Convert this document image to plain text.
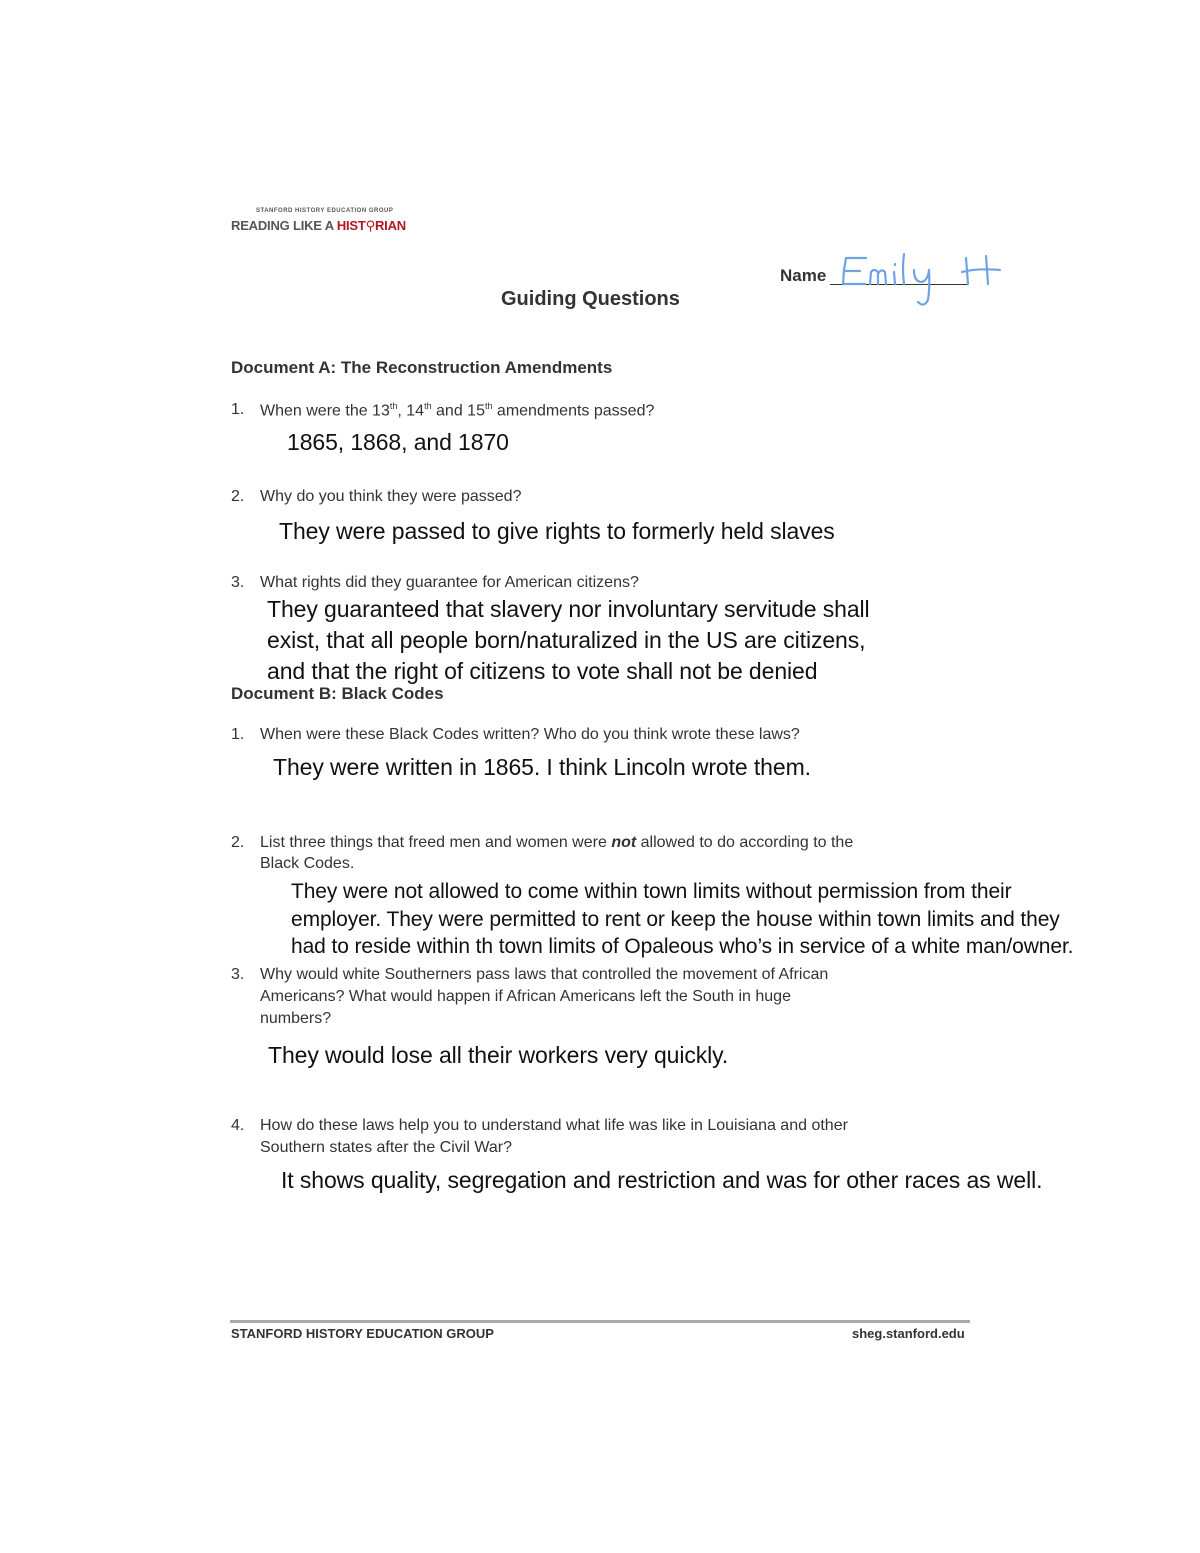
STANFORD HISTORY EDUCATION GROUP
READING LIKE A HIST⚲RIAN
Guiding Questions
Name
Document A: The Reconstruction Amendments
1. When were the 13th, 14th and 15th amendments passed?
1865, 1868, and 1870
2. Why do you think they were passed?
They were passed to give rights to formerly held slaves
3. What rights did they guarantee for American citizens?
They guaranteed that slavery nor involuntary servitude shall
exist, that all people born/naturalized in the US are citizens,
and that the right of citizens to vote shall not be denied
Document B: Black Codes
1. When were these Black Codes written? Who do you think wrote these laws?
They were written in 1865. I think Lincoln wrote them.
2. List three things that freed men and women were not allowed to do according to the
Black Codes.
They were not allowed to come within town limits without permission from their
employer. They were permitted to rent or keep the house within town limits and they
had to reside within th town limits of Opaleous who’s in service of a white man/owner.
3. Why would white Southerners pass laws that controlled the movement of African
Americans? What would happen if African Americans left the South in huge
numbers?
They would lose all their workers very quickly.
4. How do these laws help you to understand what life was like in Louisiana and other
Southern states after the Civil War?
It shows quality, segregation and restriction and was for other races as well.
STANFORD HISTORY EDUCATION GROUP	sheg.stanford.edu
